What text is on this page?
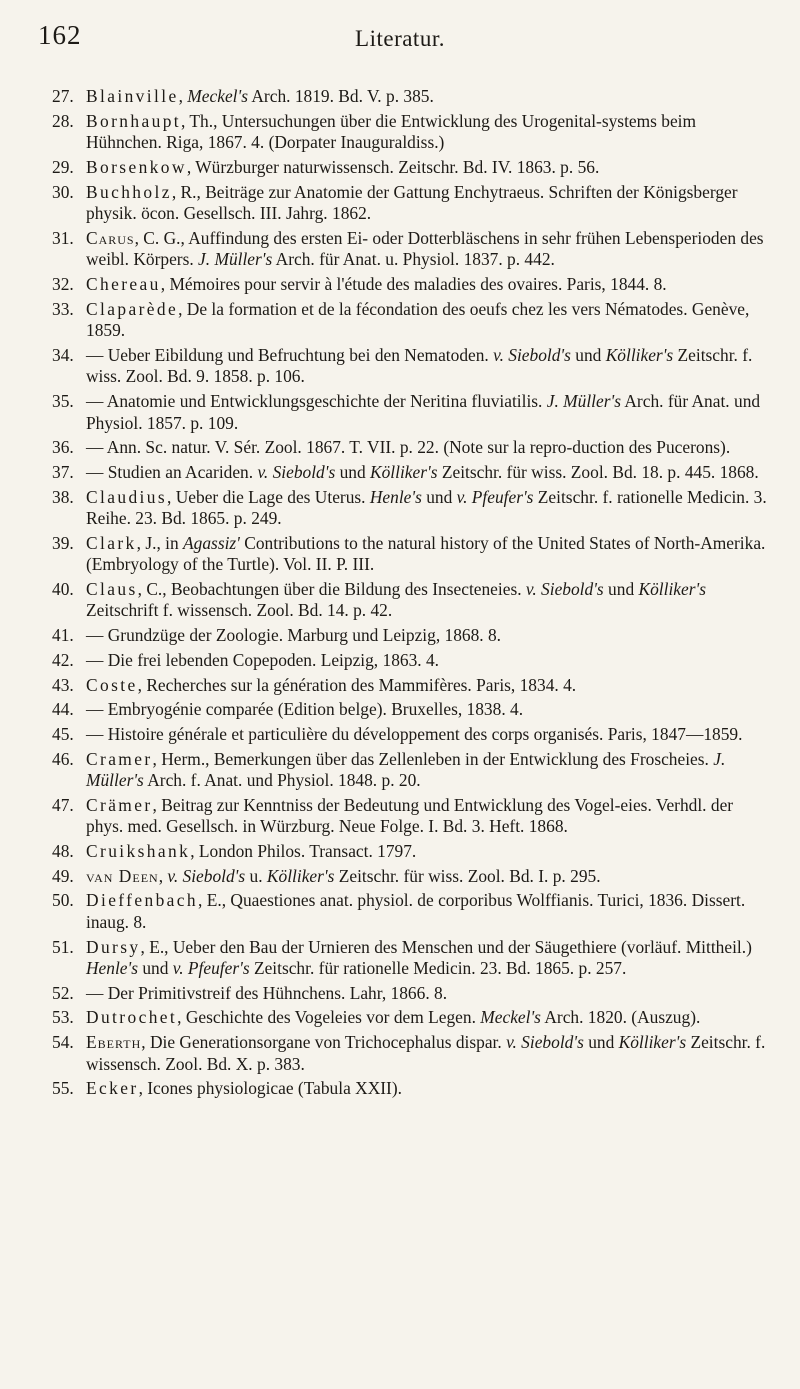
162	Literatur.
27. Blainville, Meckel's Arch. 1819. Bd. V. p. 385.
28. Bornhaupt, Th., Untersuchungen über die Entwicklung des Urogenital-systems beim Hühnchen. Riga, 1867. 4. (Dorpater Inauguraldiss.)
29. Borsenkow, Würzburger naturwissensch. Zeitschr. Bd. IV. 1863. p. 56.
30. Buchholz, R., Beiträge zur Anatomie der Gattung Enchytraeus. Schriften der Königsberger physik. öcon. Gesellsch. III. Jahrg. 1862.
31. Carus, C. G., Auffindung des ersten Ei- oder Dotterbläschens in sehr frühen Lebensperioden des weibl. Körpers. J. Müller's Arch. für Anat. u. Physiol. 1837. p. 442.
32. Chereau, Mémoires pour servir à l'étude des maladies des ovaires. Paris, 1844. 8.
33. Claparède, De la formation et de la fécondation des oeufs chez les vers Nématodes. Genève, 1859.
34. — Ueber Eibildung und Befruchtung bei den Nematoden. v. Siebold's und Kölliker's Zeitschr. f. wiss. Zool. Bd. 9. 1858. p. 106.
35. — Anatomie und Entwicklungsgeschichte der Neritina fluviatilis. J. Müller's Arch. für Anat. und Physiol. 1857. p. 109.
36. — Ann. Sc. natur. V. Sér. Zool. 1867. T. VII. p. 22. (Note sur la repro-duction des Pucerons).
37. — Studien an Acariden. v. Siebold's und Kölliker's Zeitschr. für wiss. Zool. Bd. 18. p. 445. 1868.
38. Claudius, Ueber die Lage des Uterus. Henle's und v. Pfeufer's Zeitschr. f. rationelle Medicin. 3. Reihe. 23. Bd. 1865. p. 249.
39. Clark, J., in Agassiz' Contributions to the natural history of the United States of North-Amerika. (Embryology of the Turtle). Vol. II. P. III.
40. Claus, C., Beobachtungen über die Bildung des Insecteneies. v. Siebold's und Kölliker's Zeitschrift f. wissensch. Zool. Bd. 14. p. 42.
41. — Grundzüge der Zoologie. Marburg und Leipzig, 1868. 8.
42. — Die frei lebenden Copepoden. Leipzig, 1863. 4.
43. Coste, Recherches sur la génération des Mammifères. Paris, 1834. 4.
44. — Embryogénie comparée (Edition belge). Bruxelles, 1838. 4.
45. — Histoire générale et particulière du développement des corps organisés. Paris, 1847—1859.
46. Cramer, Herm., Bemerkungen über das Zellenleben in der Entwicklung des Froscheies. J. Müller's Arch. f. Anat. und Physiol. 1848. p. 20.
47. Crämer, Beitrag zur Kenntniss der Bedeutung und Entwicklung des Vogel-eies. Verhdl. der phys. med. Gesellsch. in Würzburg. Neue Folge. I. Bd. 3. Heft. 1868.
48. Cruikshank, London Philos. Transact. 1797.
49. van Deen, v. Siebold's u. Kölliker's Zeitschr. für wiss. Zool. Bd. I. p. 295.
50. Dieffenbach, E., Quaestiones anat. physiol. de corporibus Wolffianis. Turici, 1836. Dissert. inaug. 8.
51. Dursy, E., Ueber den Bau der Urnieren des Menschen und der Säugethiere (vorläuf. Mittheil.) Henle's und v. Pfeufer's Zeitschr. für rationelle Medicin. 23. Bd. 1865. p. 257.
52. — Der Primitivstreif des Hühnchens. Lahr, 1866. 8.
53. Dutrochet, Geschichte des Vogeleies vor dem Legen. Meckel's Arch. 1820. (Auszug).
54. Eberth, Die Generationsorgane von Trichocephalus dispar. v. Siebold's und Kölliker's Zeitschr. f. wissensch. Zool. Bd. X. p. 383.
55. Ecker, Icones physiologicae (Tabula XXII).
